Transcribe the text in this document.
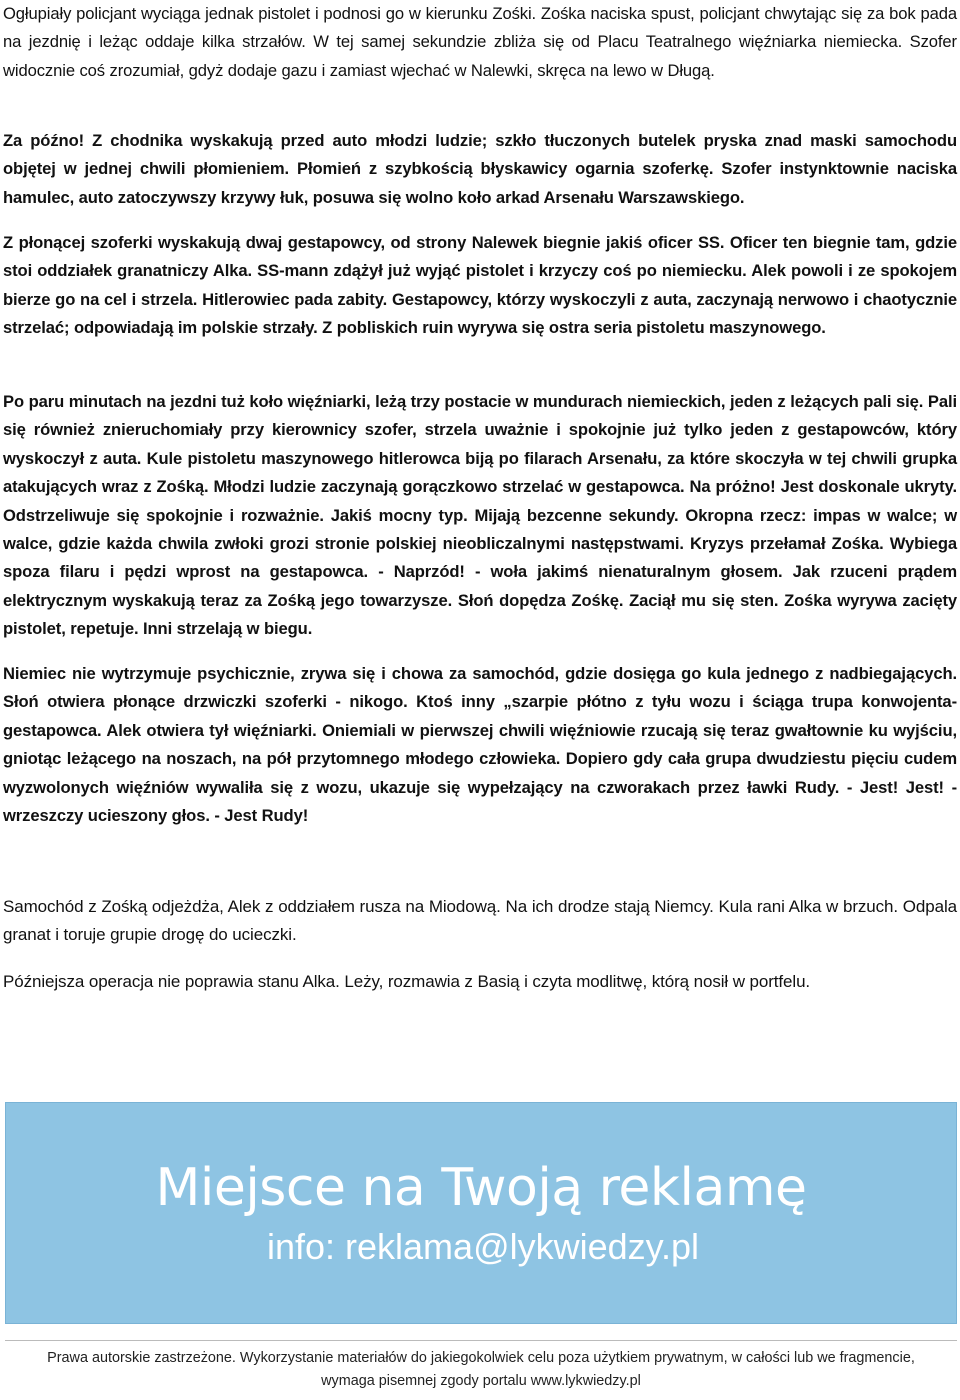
Ogłupiały policjant wyciąga jednak pistolet i podnosi go w kierunku Zośki. Zośka naciska spust, policjant chwytając się za bok pada na jezdnię i leżąc oddaje kilka strzałów. W tej samej sekundzie zbliża się od Placu Teatralnego więźniarka niemiecka. Szofer widocznie coś zrozumiał, gdyż dodaje gazu i zamiast wjechać w Nalewki, skręca na lewo w Długą.

Za późno! Z chodnika wyskakują przed auto młodzi ludzie; szkło tłuczonych butelek pryska znad maski samochodu objętej w jednej chwili płomieniem. Płomień z szybkością błyskawicy ogarnia szoferkę. Szofer instynktownie naciska hamulec, auto zatoczywszy krzywy łuk, posuwa się wolno koło arkad Arsenału Warszawskiego.

Z płonącej szoferki wyskakują dwaj gestapowcy, od strony Nalewek biegnie jakiś oficer SS. Oficer ten biegnie tam, gdzie stoi oddziałek granatniczy Alka. SS-mann zdążył już wyjąć pistolet i krzyczy coś po niemiecku. Alek powoli i ze spokojem bierze go na cel i strzela. Hitlerowiec pada zabity. Gestapowcy, którzy wyskoczyli z auta, zaczynają nerwowo i chaotycznie strzelać; odpowiadają im polskie strzały. Z pobliskich ruin wyrywa się ostra seria pistoletu maszynowego.

Po paru minutach na jezdni tuż koło więźniarki, leżą trzy postacie w mundurach niemieckich, jeden z leżących pali się. Pali się również znieruchomiały przy kierownicy szofer, strzela uważnie i spokojnie już tylko jeden z gestapowców, który wyskoczył z auta. Kule pistoletu maszynowego hitlerowca biją po filarach Arsenału, za które skoczyła w tej chwili grupka atakujących wraz z Zośką. Młodzi ludzie zaczynają gorączkowo strzelać w gestapowca. Na próżno! Jest doskonale ukryty. Odstrzeliwuje się spokojnie i rozważnie. Jakiś mocny typ. Mijają bezcenne sekundy. Okropna rzecz: impas w walce; w walce, gdzie każda chwila zwłoki grozi stronie polskiej nieobliczalnymi następstwami. Kryzys przełamał Zośka. Wybiega spoza filaru i pędzi wprost na gestapowca. - Naprzód! - woła jakimś nienaturalnym głosem. Jak rzuceni prądem elektrycznym wyskakują teraz za Zośką jego towarzysze. Słoń dopędza Zośkę. Zaciął mu się sten. Zośka wyrywa zacięty pistolet, repetuje. Inni strzelają w biegu.

Niemiec nie wytrzymuje psychicznie, zrywa się i chowa za samochód, gdzie dosięga go kula jednego z nadbiegających. Słoń otwiera płonące drzwiczki szoferki - nikogo. Ktoś inny „szarpie płótno z tyłu wozu i ściąga trupa konwojenta- gestapowca. Alek otwiera tył więźniarki. Oniemiali w pierwszej chwili więźniowie rzucają się teraz gwałtownie ku wyjściu, gniotąc leżącego na noszach, na pół przytomnego młodego człowieka. Dopiero gdy cała grupa dwudziestu pięciu cudem wyzwolonych więźniów wywaliła się z wozu, ukazuje się wypełzający na czworakach przez ławki Rudy. - Jest! Jest! - wrzeszczy ucieszony głos. - Jest Rudy!

Samochód z Zośką odjeżdża, Alek z oddziałem rusza na Miodową. Na ich drodze stają Niemcy. Kula rani Alka w brzuch. Odpala granat i toruje grupie drogę do ucieczki.

Późniejsza operacja nie poprawia stanu Alka. Leży, rozmawia z Basią i czyta modlitwę, którą nosił w portfelu.

Miejsce na Twoją reklamę
info: reklama@lykwiedzy.pl
Prawa autorskie zastrzeżone. Wykorzystanie materiałów do jakiegokolwiek celu poza użytkiem prywatnym, w całości lub we fragmencie,
wymaga pisemnej zgody portalu www.lykwiedzy.pl
